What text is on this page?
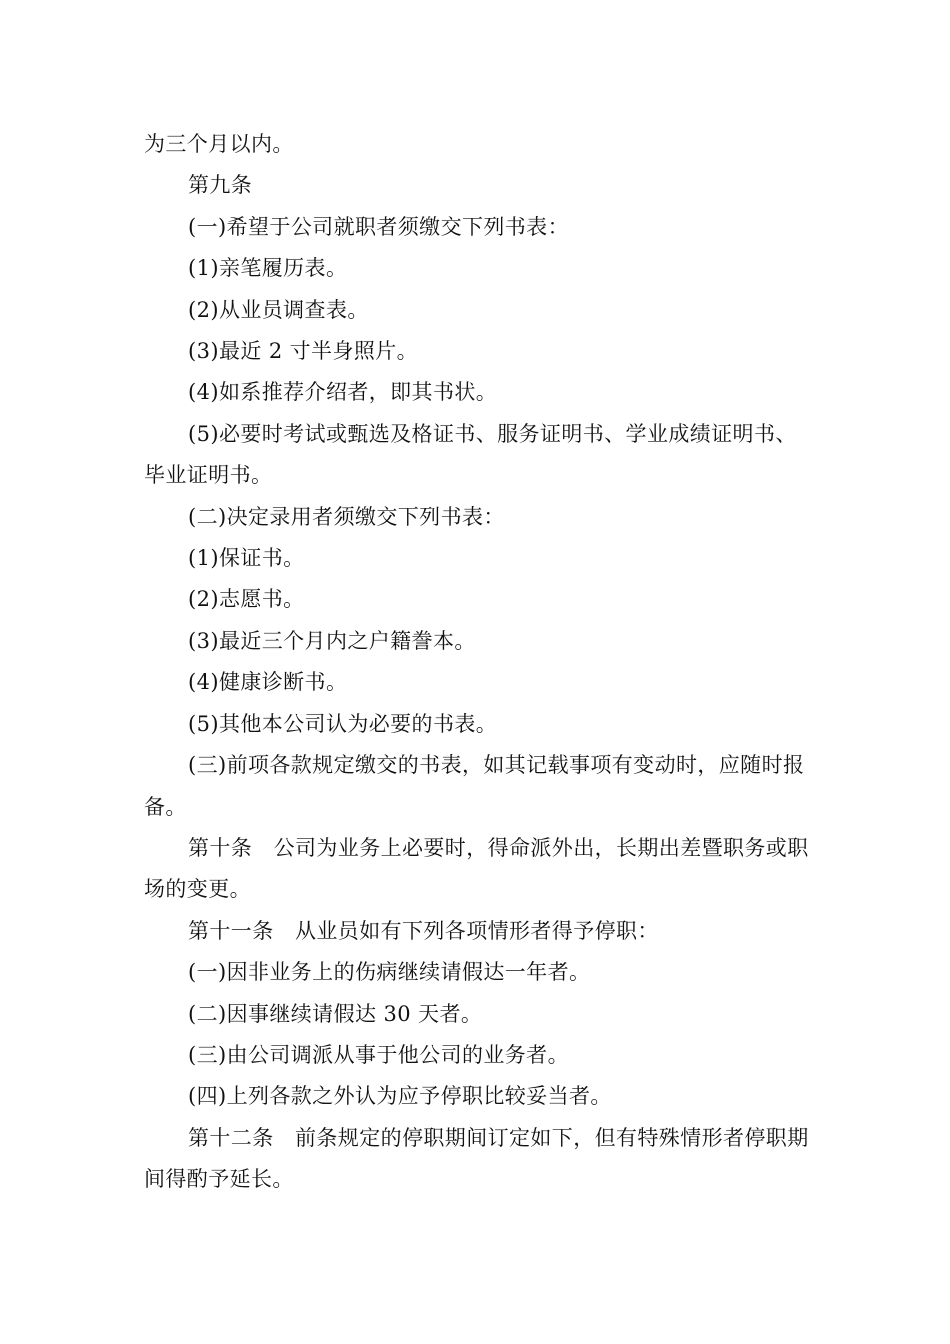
为三个月以内。

第九条

(一)希望于公司就职者须缴交下列书表：

(1)亲笔履历表。

(2)从业员调查表。

(3)最近 2 寸半身照片。

(4)如系推荐介绍者，即其书状。

(5)必要时考试或甄选及格证书、服务证明书、学业成绩证明书、毕业证明书。

(二)决定录用者须缴交下列书表：

(1)保证书。

(2)志愿书。

(3)最近三个月内之户籍誊本。

(4)健康诊断书。

(5)其他本公司认为必要的书表。

(三)前项各款规定缴交的书表，如其记载事项有变动时，应随时报备。

第十条　公司为业务上必要时，得命派外出，长期出差暨职务或职场的变更。

第十一条　从业员如有下列各项情形者得予停职：

(一)因非业务上的伤病继续请假达一年者。

(二)因事继续请假达 30 天者。

(三)由公司调派从事于他公司的业务者。

(四)上列各款之外认为应予停职比较妥当者。

第十二条　前条规定的停职期间订定如下，但有特殊情形者停职期间得酌予延长。
